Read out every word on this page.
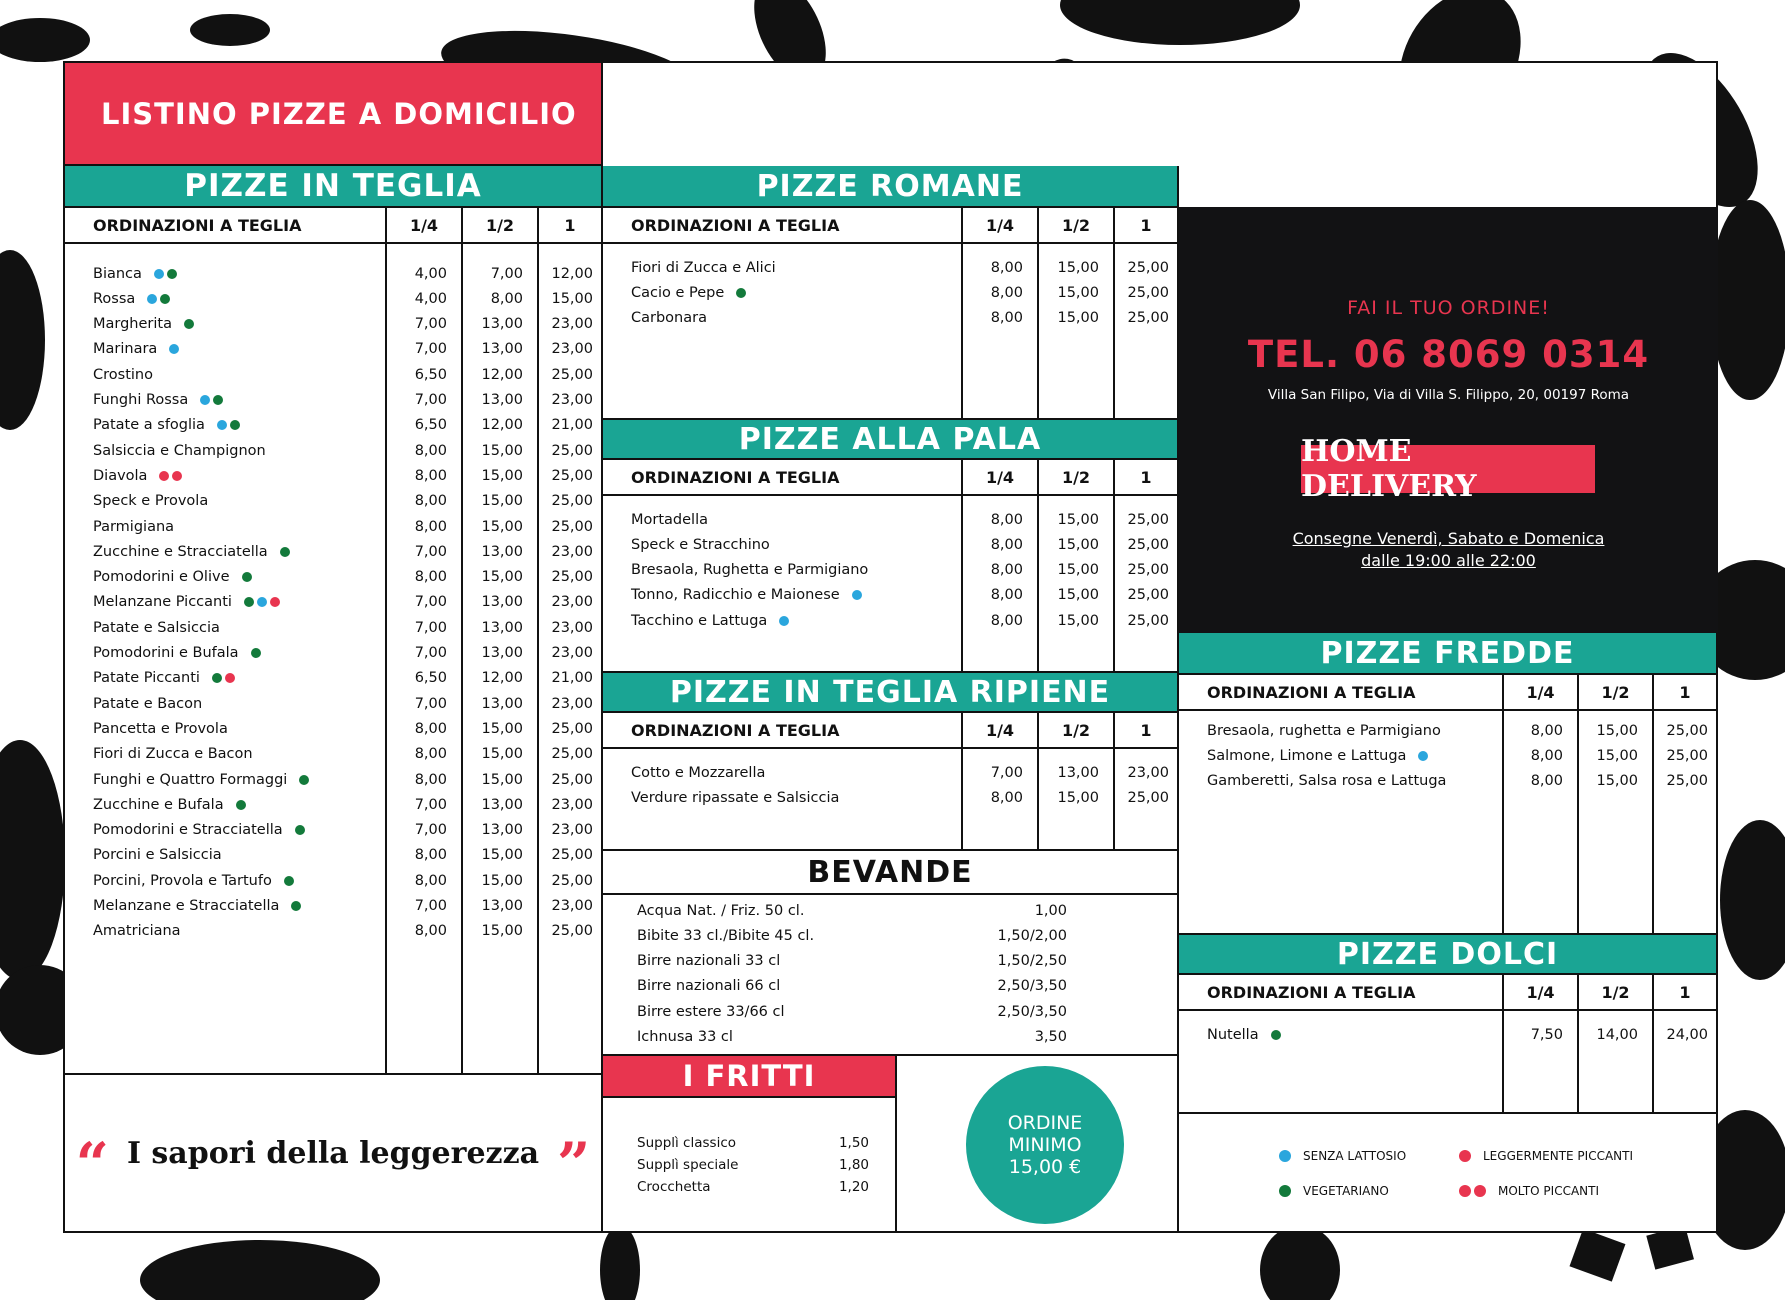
LISTINO PIZZE A DOMICILIO
PIZZE IN TEGLIA
ORDINAZIONI A TEGLIA	1/4	1/2	1
Bianca	4,00	7,00	12,00
Rossa	4,00	8,00	15,00
Margherita	7,00	13,00	23,00
Marinara	7,00	13,00	23,00
Crostino	6,50	12,00	25,00
Funghi Rossa	7,00	13,00	23,00
Patate a sfoglia	6,50	12,00	21,00
Salsiccia e Champignon	8,00	15,00	25,00
Diavola	8,00	15,00	25,00
Speck e Provola	8,00	15,00	25,00
Parmigiana	8,00	15,00	25,00
Zucchine e Stracciatella	7,00	13,00	23,00
Pomodorini e Olive	8,00	15,00	25,00
Melanzane Piccanti	7,00	13,00	23,00
Patate e Salsiccia	7,00	13,00	23,00
Pomodorini e Bufala	7,00	13,00	23,00
Patate Piccanti	6,50	12,00	21,00
Patate e Bacon	7,00	13,00	23,00
Pancetta e Provola	8,00	15,00	25,00
Fiori di Zucca e Bacon	8,00	15,00	25,00
Funghi e Quattro Formaggi	8,00	15,00	25,00
Zucchine e Bufala	7,00	13,00	23,00
Pomodorini e Stracciatella	7,00	13,00	23,00
Porcini e Salsiccia	8,00	15,00	25,00
Porcini, Provola e Tartufo	8,00	15,00	25,00
Melanzane e Stracciatella	7,00	13,00	23,00
Amatriciana	8,00	15,00	25,00
“ I sapori della leggerezza ”
PIZZE ROMANE
ORDINAZIONI A TEGLIA	1/4	1/2	1
Fiori di Zucca e Alici	8,00	15,00	25,00
Cacio e Pepe	8,00	15,00	25,00
Carbonara	8,00	15,00	25,00
PIZZE ALLA PALA
ORDINAZIONI A TEGLIA	1/4	1/2	1
Mortadella	8,00	15,00	25,00
Speck e Stracchino	8,00	15,00	25,00
Bresaola, Rughetta e Parmigiano	8,00	15,00	25,00
Tonno, Radicchio e Maionese	8,00	15,00	25,00
Tacchino e Lattuga	8,00	15,00	25,00
PIZZE IN TEGLIA RIPIENE
ORDINAZIONI A TEGLIA	1/4	1/2	1
Cotto e Mozzarella	7,00	13,00	23,00
Verdure ripassate e Salsiccia	8,00	15,00	25,00
BEVANDE
Acqua Nat. / Friz. 50 cl.	1,00
Bibite 33 cl./Bibite 45 cl.	1,50/2,00
Birre nazionali 33 cl	1,50/2,50
Birre nazionali 66 cl	2,50/3,50
Birre estere 33/66 cl	2,50/3,50
Ichnusa 33 cl	3,50
I FRITTI
Supplì classico	1,50
Supplì speciale	1,80
Crocchetta	1,20
ORDINE
MINIMO
15,00 €
FAI IL TUO ORDINE!
TEL. 06 8069 0314
Villa San Filipo, Via di Villa S. Filippo, 20, 00197 Roma
HOME DELIVERY
Consegne Venerdì, Sabato e Domenica
dalle 19:00 alle 22:00
PIZZE FREDDE
ORDINAZIONI A TEGLIA	1/4	1/2	1
Bresaola, rughetta e Parmigiano	8,00	15,00	25,00
Salmone, Limone e Lattuga	8,00	15,00	25,00
Gamberetti, Salsa rosa e Lattuga	8,00	15,00	25,00
PIZZE DOLCI
ORDINAZIONI A TEGLIA	1/4	1/2	1
Nutella	7,50	14,00	24,00
SENZA LATTOSIO	LEGGERMENTE PICCANTI
VEGETARIANO	MOLTO PICCANTI
